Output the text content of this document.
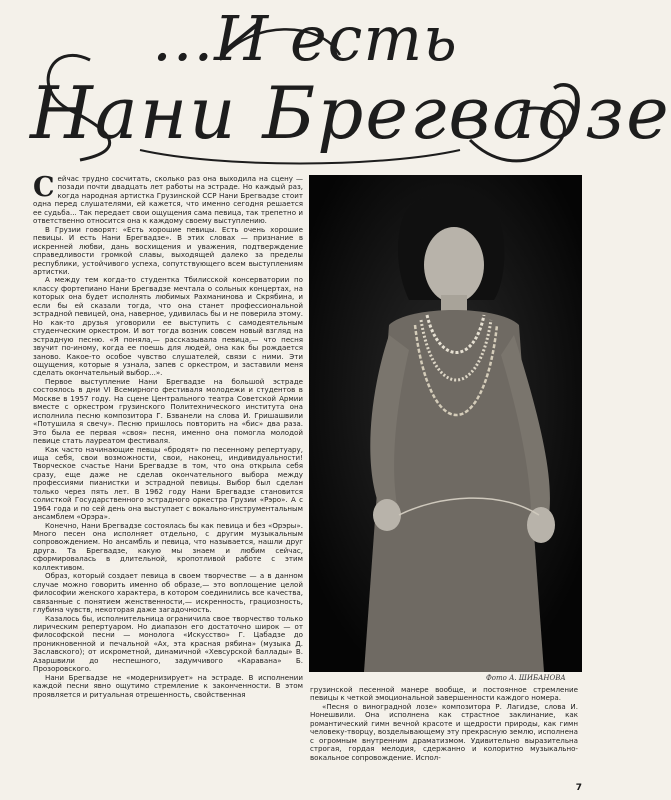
...И есть
Нани Брегвадзе

Сейчас трудно сосчитать, сколько раз она выходила на сцену — позади почти двадцать лет работы на эстраде. Но каждый раз, когда народная артистка Грузинской ССР Нани Брегвадзе стоит одна перед слушателями, ей кажется, что именно сегодня решается ее судьба... Так передает свои ощущения сама певица, так трепетно и ответственно относится она к каждому своему выступлению.

В Грузии говорят: «Есть хорошие певицы. Есть очень хорошие певицы. И есть Нани Брегвадзе». В этих словах — признание в искренней любви, дань восхищения и уважения, подтверждение справедливости громкой славы, выходящей далеко за пределы республики, устойчивого успеха, сопутствующего всем выступлениям артистки.

А между тем когда-то студентка Тбилисской консерватории по классу фортепиано Нани Брегвадзе мечтала о сольных концертах, на которых она будет исполнять любимых Рахманинова и Скрябина, и если бы ей сказали тогда, что она станет профессиональной эстрадной певицей, она, наверное, удивилась бы и не поверила этому. Но как-то друзья уговорили ее выступить с самодеятельным студенческим оркестром. И вот тогда возник совсем новый взгляд на эстрадную песню. «Я поняла,— рассказывала певица,— что песня звучит по-иному, когда ее поешь для людей, она как бы рождается заново. Какое-то особое чувство слушателей, связи с ними. Эти ощущения, которые я узнала, запев с оркестром, и заставили меня сделать окончательный выбор...».

Первое выступление Нани Брегвадзе на большой эстраде состоялось в дни VI Всемирного фестиваля молодежи и студентов в Москве в 1957 году. На сцене Центрального театра Советской Армии вместе с оркестром грузинского Политехнического института она исполнила песню композитора Г. Бзванели на слова И. Гришашвили «Потушила я свечу». Песню пришлось повторить на «бис» два раза. Это была ее первая «своя» песня, именно она помогла молодой певице стать лауреатом фестиваля.

Как часто начинающие певцы «бродят» по песенному репертуару, ища себя, свои возможности, свои, наконец, индивидуальности! Творческое счастье Нани Брегвадзе в том, что она открыла себя сразу, еще даже не сделав окончательного выбора между профессиями пианистки и эстрадной певицы. Выбор был сделан только через пять лет. В 1962 году Нани Брегвадзе становится солисткой Государственного эстрадного оркестра Грузии «Рэро». А с 1964 года и по сей день она выступает с вокально-инструментальным ансамблем «Орэра».

Конечно, Нани Брегвадзе состоялась бы как певица и без «Орэры». Много песен она исполняет отдельно, с другим музыкальным сопровождением. Но ансамбль и певица, что называется, нашли друг друга. Та Брегвадзе, какую мы знаем и любим сейчас, сформировалась в длительной, кропотливой работе с этим коллективом.

Образ, который создает певица в своем творчестве — а в данном случае можно говорить именно об образе,— это воплощение целой философии женского характера, в котором соединились все качества, связанные с понятием женственности,— искренность, грациозность, глубина чувств, некоторая даже загадочность.

Казалось бы, исполнительница ограничила свое творчество только лирическим репертуаром. Но диапазон его достаточно широк — от философской песни — монолога «Искусство» Г. Цабадзе до проникновенной и печальной «Ах, эта красная рябина» (музыка Д. Заславского); от искрометной, динамичной «Хевсурской баллады» В. Азаршвили до неспешного, задумчивого «Каравана» Б. Прозоровского.

Нани Брегвадзе не «модернизирует» на эстраде. В исполнении каждой песни явно ощутимо стремление к законченности. В этом проявляется и ритуальная отрешенность, свойственная

Фото А. ШИБАНОВА

грузинской песенной манере вообще, и постоянное стремление певицы к четкой эмоциональной завершенности каждого номера.

«Песня о виноградной лозе» композитора Р. Лагидзе, слова И. Нонешвили. Она исполнена как страстное заклинание, как романтический гимн вечной красоте и щедрости природы, как гимн человеку-творцу, возделывающему эту прекрасную землю, исполнена с огромным внутренним драматизмом. Удивительно выразительна строгая, гордая мелодия, сдержанно и колоритно музыкально-вокальное сопровождение. Испол-

7
